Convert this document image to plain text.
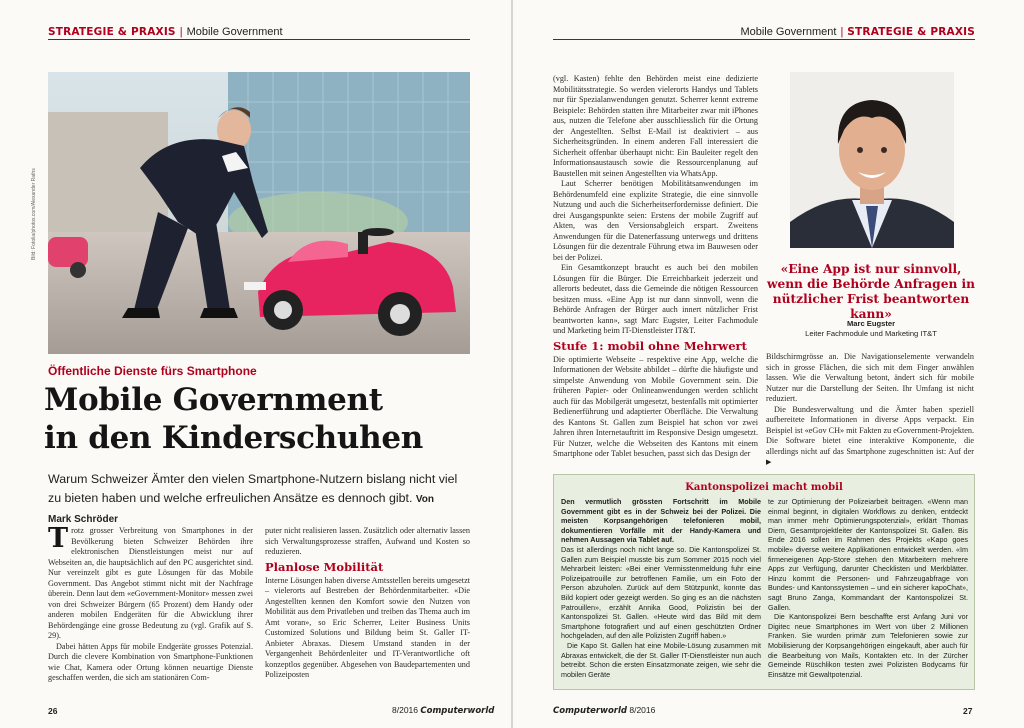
STRATEGIE & PRAXIS | Mobile Government
Bild: Fotolia/photos.com/Alexander Raths
Öffentliche Dienste fürs Smartphone
Mobile Government
in den Kinderschuhen
Warum Schweizer Ämter den vielen Smartphone-Nutzern bislang nicht viel zu bieten haben und welche erfreulichen Ansätze es dennoch gibt. Von Mark Schröder

Trotz grosser Verbreitung von Smartphones in der Bevölkerung bieten Schweizer Behörden ihre elektronischen Dienstleistungen meist nur auf Webseiten an, die hauptsächlich auf den PC ausgerichtet sind. Nur vereinzelt gibt es gute Lösungen für das Mobile Government. Das Angebot stimmt nicht mit der Nachfrage überein. Denn laut dem «eGovernment-Monitor» messen zwei von drei Schweizer Bürgern (65 Prozent) dem Handy oder anderen mobilen Endgeräten für die Abwicklung ihrer Behördengänge eine grosse Bedeutung zu (vgl. Grafik auf S. 29).

Dabei hätten Apps für mobile Endgeräte grosses Potenzial. Durch die clevere Kombination von Smartphone-Funktionen wie Chat, Kamera oder Ortung können neuartige Dienste geschaffen werden, die sich am stationären Com-

puter nicht realisieren lassen. Zusätzlich oder alternativ lassen sich Verwaltungsprozesse straffen, Aufwand und Kosten so reduzieren.

Planlose Mobilität

Interne Lösungen haben diverse Amtsstellen bereits umgesetzt – vielerorts auf Bestreben der Behördenmitarbeiter. «Die Angestellten kennen den Komfort sowie den Nutzen von Mobilität aus dem Privatleben und treiben das Thema auch im Amt voran», so Eric Scherrer, Leiter Business Units Customized Solutions und Bildung beim St. Galler IT-Anbieter Abraxas. Diesem Umstand standen in der Vergangenheit Behördenleiter und IT-Verantwortliche oft konzeptlos gegenüber. Abgesehen von Baudepartementen und Polizeiposten

26	8/2016 Computerworld
Mobile Government | STRATEGIE & PRAXIS

(vgl. Kasten) fehlte den Behörden meist eine dedizierte Mobilitätsstrategie. So werden vielerorts Handys und Tablets nur für Spezialanwendungen genutzt. Scherrer kennt extreme Beispiele: Behörden statten ihre Mitarbeiter zwar mit iPhones aus, nutzen die Telefone aber ausschliesslich für die Ortung der Angestellten. Selbst E-Mail ist deaktiviert – aus Sicherheitsgründen. In einem anderen Fall interessiert die Sicherheit offenbar überhaupt nicht: Ein Bauleiter regelt den Informationsaustausch sowie die Ressourcenplanung auf Baustellen mit seinen Angestellten via WhatsApp.

Laut Scherrer benötigen Mobilitätsanwendungen im Behördenumfeld eine explizite Strategie, die eine sinnvolle Nutzung und auch die Sicherheitserfordernisse definiert. Die drei Ausgangspunkte seien: Erstens der mobile Zugriff auf Akten, was den Versionsabgleich erspart. Zweitens Anwendungen für die Datenerfassung unterwegs und drittens Lösungen für die dezentrale Führung etwa im Bauwesen oder bei der Polizei.

Ein Gesamtkonzept braucht es auch bei den mobilen Lösungen für die Bürger. Die Erreichbarkeit jederzeit und allerorts bedeutet, dass die Gemeinde die nötigen Ressourcen besitzen muss. «Eine App ist nur dann sinnvoll, wenn die Behörde Anfragen der Bürger auch innert nützlicher Frist beantworten kann», sagt Marc Eugster, Leiter Fachmodule und Marketing beim IT-Dienstleister IT&T.

Stufe 1: mobil ohne Mehrwert

Die optimierte Webseite – respektive eine App, welche die Informationen der Website abbildet – dürfte die häufigste und simpelste Anwendung von Mobile Government sein. Die früheren Papier- oder Onlineanwendungen werden schlicht auch für das Mobilgerät umgesetzt, bestenfalls mit optimierter Bedienerführung und adaptierter Oberfläche. Die Verwaltung des Kantons St. Gallen zum Beispiel hat schon vor zwei Jahren ihren Internetauftritt im Responsive Design umgesetzt. Für Nutzer, welche die Webseiten des Kantons mit einem Smartphone oder Tablet besuchen, passt sich das Design der

«Eine App ist nur sinnvoll, wenn die Behörde Anfragen in nützlicher Frist beantworten kann»
Marc Eugster
Leiter Fachmodule und Marketing IT&T

Bildschirmgrösse an. Die Navigationselemente verwandeln sich in grosse Flächen, die sich mit dem Finger anwählen lassen. Wie die Verwaltung betont, ändert sich für mobile Nutzer nur die Darstellung der Seiten. Ihr Umfang ist nicht reduziert.

Die Bundesverwaltung und die Ämter haben speziell aufbereitete Informationen in diverse Apps verpackt. Ein Beispiel ist «eGov CH» mit Fakten zu eGovernment-Projekten. Die Software bietet eine interaktive Komponente, die allerdings nicht auf das Smartphone zugeschnitten ist: Auf der ▶

Kantonspolizei macht mobil

Den vermutlich grössten Fortschritt im Mobile Government gibt es in der Schweiz bei der Polizei. Die meisten Korpsangehörigen telefonieren mobil, dokumentieren Vorfälle mit der Handy-Kamera und nehmen Aussagen via Tablet auf.

Das ist allerdings noch nicht lange so. Die Kantonspolizei St. Gallen zum Beispiel musste bis zum Sommer 2015 noch viel Mehrarbeit leisten: «Bei einer Vermisstenmeldung fuhr eine Polizeipatrouille zur betroffenen Familie, um ein Foto der Person abzuholen. Zurück auf dem Stützpunkt, konnte das Bild kopiert oder gezeigt werden. So ging es an die nächsten Patrouillen», erzählt Annika Good, Polizistin bei der Kantonspolizei St. Gallen. «Heute wird das Bild mit dem Smartphone fotografiert und auf einen geschützten Ordner hochgeladen, auf den alle Polizisten Zugriff haben.»

Die Kapo St. Gallen hat eine Mobile-Lösung zusammen mit Abraxas entwickelt, die der St. Galler IT-Dienstleister nun auch betreibt. Schon die ersten Einsatzmonate zeigen, wie sehr die mobilen Geräte

te zur Optimierung der Polizeiarbeit beitragen. «Wenn man einmal beginnt, in digitalen Workflows zu denken, entdeckt man immer mehr Optimierungspotenzial», erklärt Thomas Diem, Gesamtprojektleiter der Kantonspolizei St. Gallen. Bis Ende 2016 sollen im Rahmen des Projekts «Kapo goes mobile» diverse weitere Applikationen entwickelt werden. «Im firmeneigenen App-Store stehen den Mitarbeitern mehrere Apps zur Verfügung, darunter Checklisten und Merkblätter. Hinzu kommt die Personen- und Fahrzeugabfrage von Bundes- und Kantonssystemen – und ein sicherer kapoChat», sagt Bruno Zanga, Kommandant der Kantonspolizei St. Gallen.

Die Kantonspolizei Bern beschaffte erst Anfang Juni vor Digitec neue Smartphones im Wert von über 2 Millionen Franken. Sie wurden primär zum Telefonieren sowie zur Mobilisierung der Korpsangehörigen eingekauft, aber auch für die Bearbeitung von Mails, Kontakten etc. In der Zürcher Gemeinde Rüschlikon testen zwei Polizisten Bodycams für Einsätze mit Gewaltpotenzial.

Computerworld 8/2016	27
